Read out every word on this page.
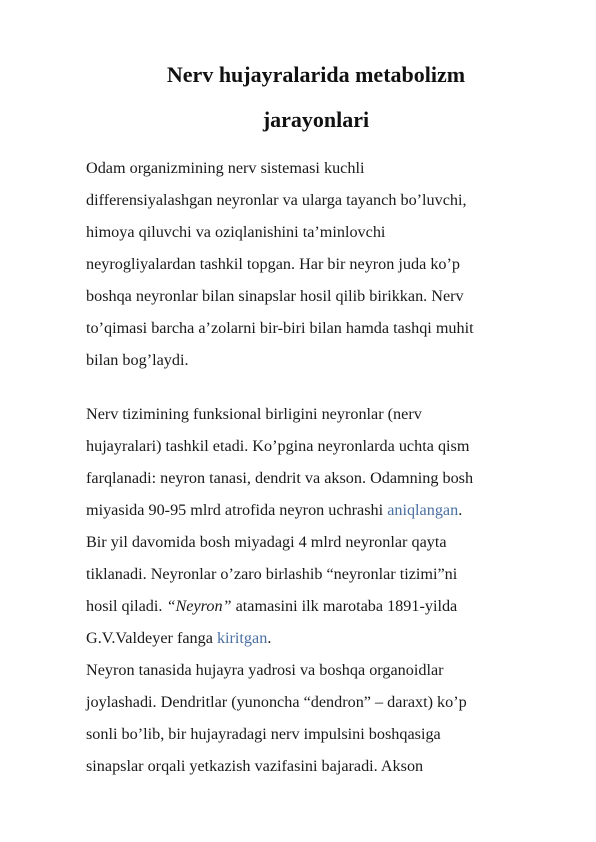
Nerv hujayralarida metabolizm
jarayonlari
Odam organizmining nerv sistemasi kuchli
differensiyalashgan neyronlar va ularga tayanch bo’luvchi,
himoya qiluvchi va oziqlanishini ta’minlovchi
neyrogliyalardan tashkil topgan. Har bir neyron juda ko’p
boshqa neyronlar bilan sinapslar hosil qilib birikkan. Nerv
to’qimasi barcha a’zolarni bir-biri bilan hamda tashqi muhit
bilan bog’laydi.
Nerv tizimining funksional birligini neyronlar (nerv
hujayralari) tashkil etadi. Ko’pgina neyronlarda uchta qism
farqlanadi: neyron tanasi, dendrit va akson. Odamning bosh
miyasida 90-95 mlrd atrofida neyron uchrashi aniqlangan.
Bir yil davomida bosh miyadagi 4 mlrd neyronlar qayta
tiklanadi. Neyronlar o’zaro birlashib “neyronlar tizimi”ni
hosil qiladi. “Neyron” atamasini ilk marotaba 1891-yilda
G.V.Valdeyer fanga kiritgan.
Neyron tanasida hujayra yadrosi va boshqa organoidlar
joylashadi. Dendritlar (yunoncha “dendron” – daraxt) ko’p
sonli bo’lib, bir hujayradagi nerv impulsini boshqasiga
sinapslar orqali yetkazish vazifasini bajaradi. Akson
